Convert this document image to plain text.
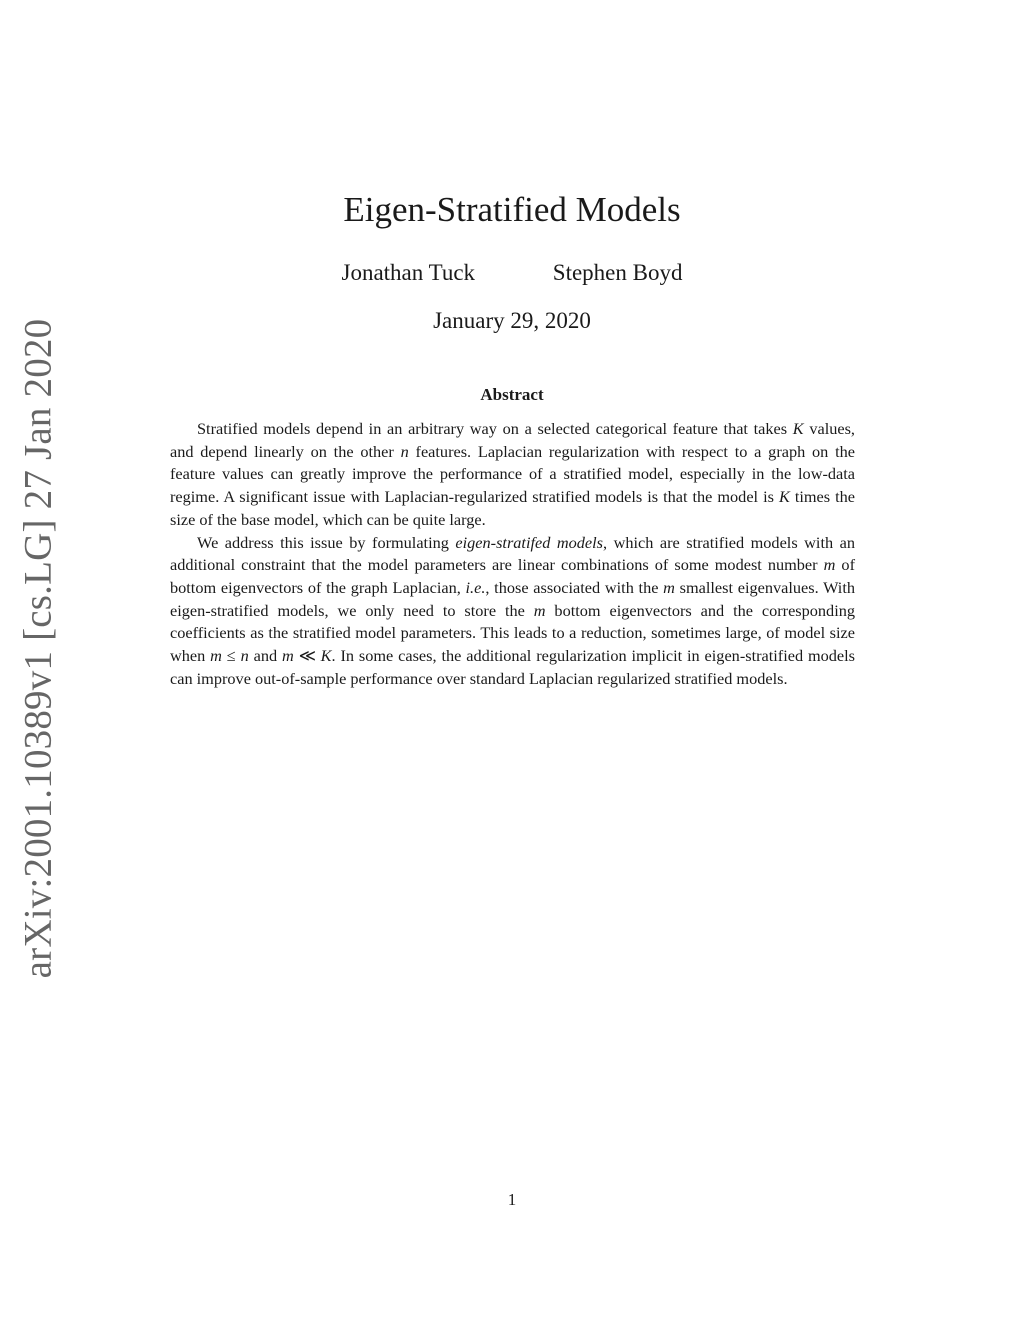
arXiv:2001.10389v1 [cs.LG] 27 Jan 2020
Eigen-Stratified Models
Jonathan Tuck	Stephen Boyd
January 29, 2020
Abstract

Stratified models depend in an arbitrary way on a selected categorical feature that takes K values, and depend linearly on the other n features. Laplacian regularization with respect to a graph on the feature values can greatly improve the performance of a stratified model, especially in the low-data regime. A significant issue with Laplacian-regularized stratified models is that the model is K times the size of the base model, which can be quite large.

We address this issue by formulating eigen-stratifed models, which are stratified models with an additional constraint that the model parameters are linear combinations of some modest number m of bottom eigenvectors of the graph Laplacian, i.e., those associated with the m smallest eigenvalues. With eigen-stratified models, we only need to store the m bottom eigenvectors and the corresponding coefficients as the stratified model parameters. This leads to a reduction, sometimes large, of model size when m ≤ n and m ≪ K. In some cases, the additional regularization implicit in eigen-stratified models can improve out-of-sample performance over standard Laplacian regularized stratified models.

1
